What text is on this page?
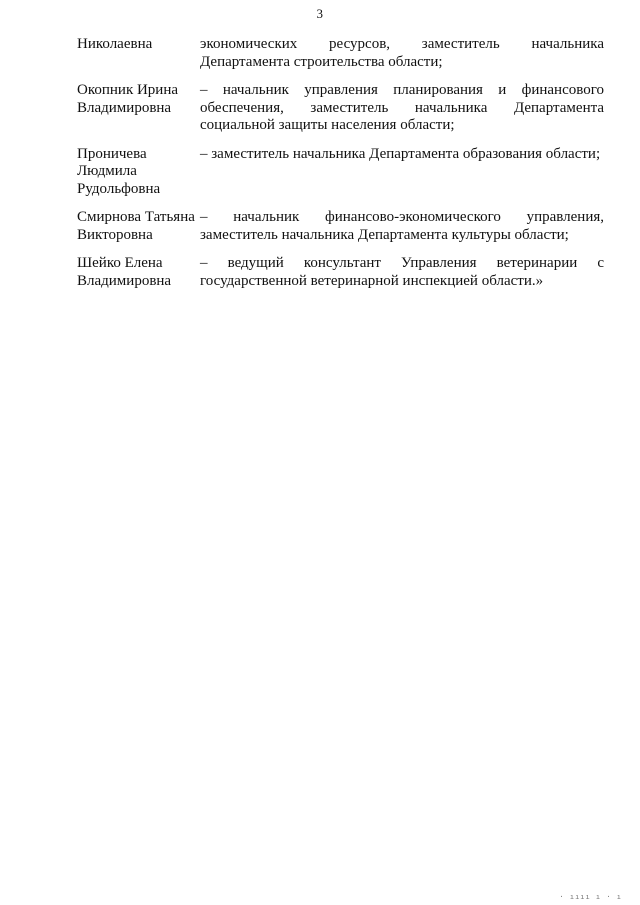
3
Николаевна	экономических ресурсов, заместитель начальника Департамента строительства области;
Окопник Ирина
Владимировна
– начальник управления планирования и финансового обеспечения, заместитель начальника Департамента социальной защиты населения области;
Проничева
Людмила
Рудольфовна
– заместитель начальника Департамента образования области;
Смирнова Татьяна
Викторовна
– начальник финансово-экономического управления, заместитель начальника Департамента культуры области;
Шейко Елена
Владимировна
– ведущий консультант Управления ветеринарии с государственной ветеринарной инспекцией области.»
· ıııı ı · ı
